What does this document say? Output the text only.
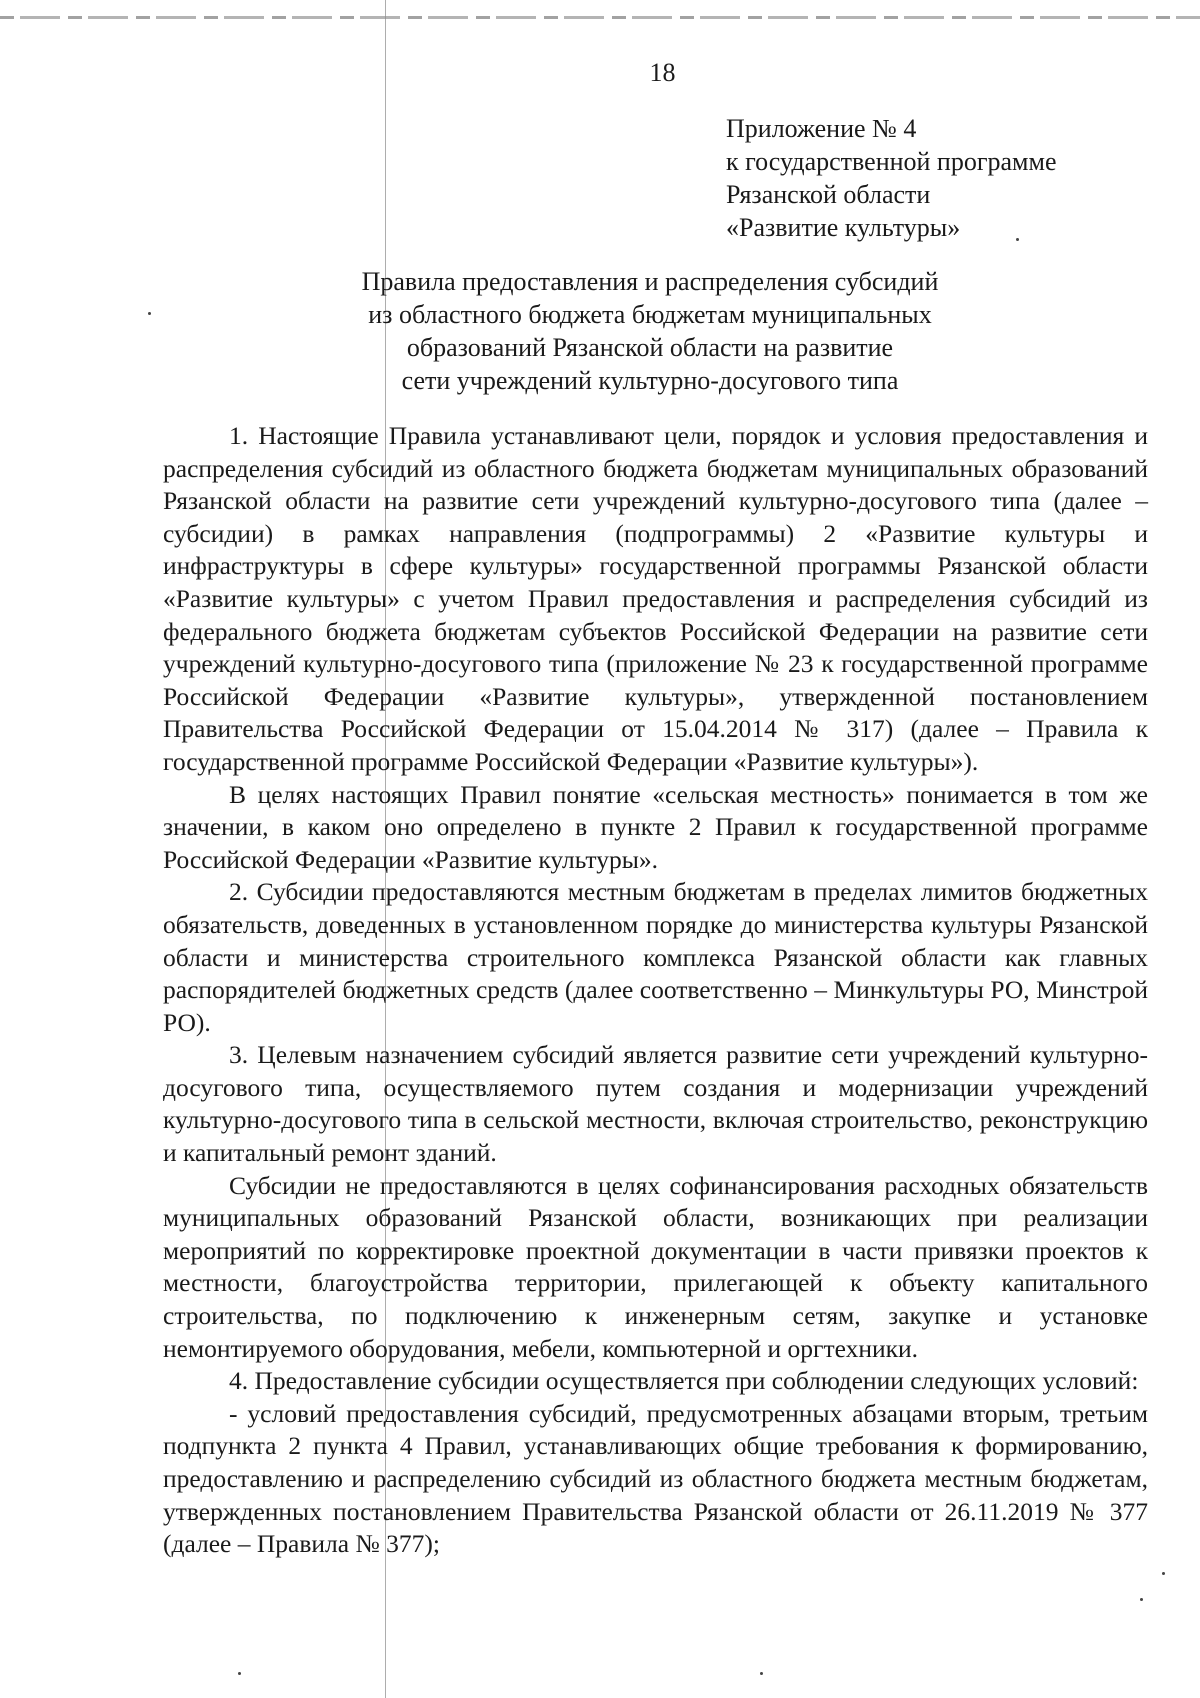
18
Приложение № 4
к государственной программе
Рязанской области
«Развитие культуры»
Правила предоставления и распределения субсидий
из областного бюджета бюджетам муниципальных
образований Рязанской области на развитие
сети учреждений культурно-досугового типа

1. Настоящие Правила устанавливают цели, порядок и условия предоставления и распределения субсидий из областного бюджета бюджетам муниципальных образований Рязанской области на развитие сети учреждений культурно-досугового типа (далее – субсидии) в рамках направления (подпрограммы) 2 «Развитие культуры и инфраструктуры в сфере культуры» государственной программы Рязанской области «Развитие культуры» с учетом Правил предоставления и распределения субсидий из федерального бюджета бюджетам субъектов Российской Федерации на развитие сети учреждений культурно-досугового типа (приложение № 23 к государственной программе Российской Федерации «Развитие культуры», утвержденной постановлением Правительства Российской Федерации от 15.04.2014 № 317) (далее – Правила к государственной программе Российской Федерации «Развитие культуры»).

В целях настоящих Правил понятие «сельская местность» понимается в том же значении, в каком оно определено в пункте 2 Правил к государственной программе Российской Федерации «Развитие культуры».

2. Субсидии предоставляются местным бюджетам в пределах лимитов бюджетных обязательств, доведенных в установленном порядке до министерства культуры Рязанской области и министерства строительного комплекса Рязанской области как главных распорядителей бюджетных средств (далее соответственно – Минкультуры РО, Минстрой РО).

3. Целевым назначением субсидий является развитие сети учреждений культурно-досугового типа, осуществляемого путем создания и модернизации учреждений культурно-досугового типа в сельской местности, включая строительство, реконструкцию и капитальный ремонт зданий.

Субсидии не предоставляются в целях софинансирования расходных обязательств муниципальных образований Рязанской области, возникающих при реализации мероприятий по корректировке проектной документации в части привязки проектов к местности, благоустройства территории, прилегающей к объекту капитального строительства, по подключению к инженерным сетям, закупке и установке немонтируемого оборудования, мебели, компьютерной и оргтехники.

4. Предоставление субсидии осуществляется при соблюдении следующих условий:

- условий предоставления субсидий, предусмотренных абзацами вторым, третьим подпункта 2 пункта 4 Правил, устанавливающих общие требования к формированию, предоставлению и распределению субсидий из областного бюджета местным бюджетам, утвержденных постановлением Правительства Рязанской области от 26.11.2019 № 377 (далее – Правила № 377);
